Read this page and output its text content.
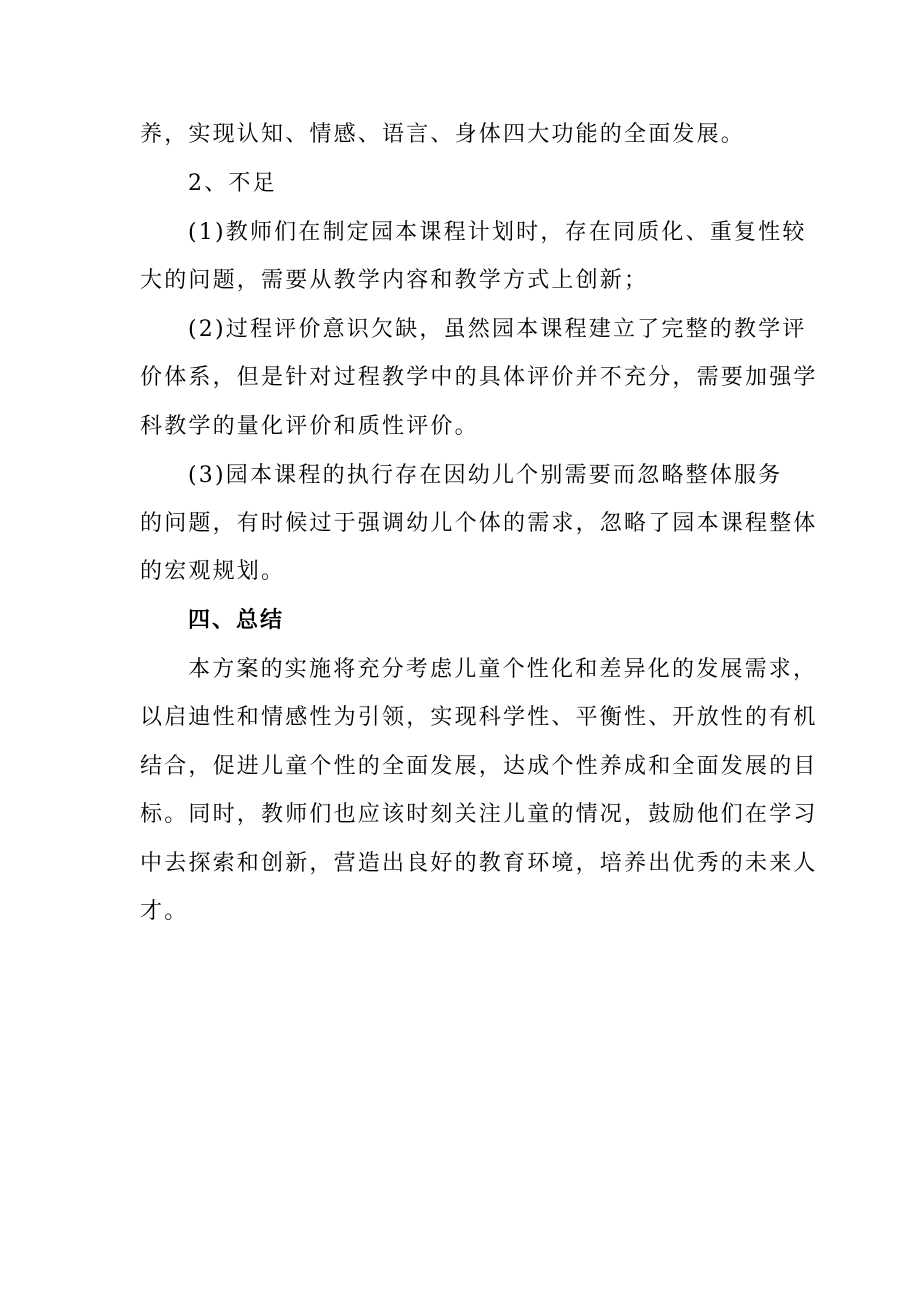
养，实现认知、情感、语言、身体四大功能的全面发展。
2、不足
(1)教师们在制定园本课程计划时，存在同质化、重复性较
大的问题，需要从教学内容和教学方式上创新；
(2)过程评价意识欠缺，虽然园本课程建立了完整的教学评
价体系，但是针对过程教学中的具体评价并不充分，需要加强学
科教学的量化评价和质性评价。
(3)园本课程的执行存在因幼儿个别需要而忽略整体服务
的问题，有时候过于强调幼儿个体的需求，忽略了园本课程整体
的宏观规划。
四、总结
本方案的实施将充分考虑儿童个性化和差异化的发展需求，
以启迪性和情感性为引领，实现科学性、平衡性、开放性的有机
结合，促进儿童个性的全面发展，达成个性养成和全面发展的目
标。同时，教师们也应该时刻关注儿童的情况，鼓励他们在学习
中去探索和创新，营造出良好的教育环境，培养出优秀的未来人
才。
